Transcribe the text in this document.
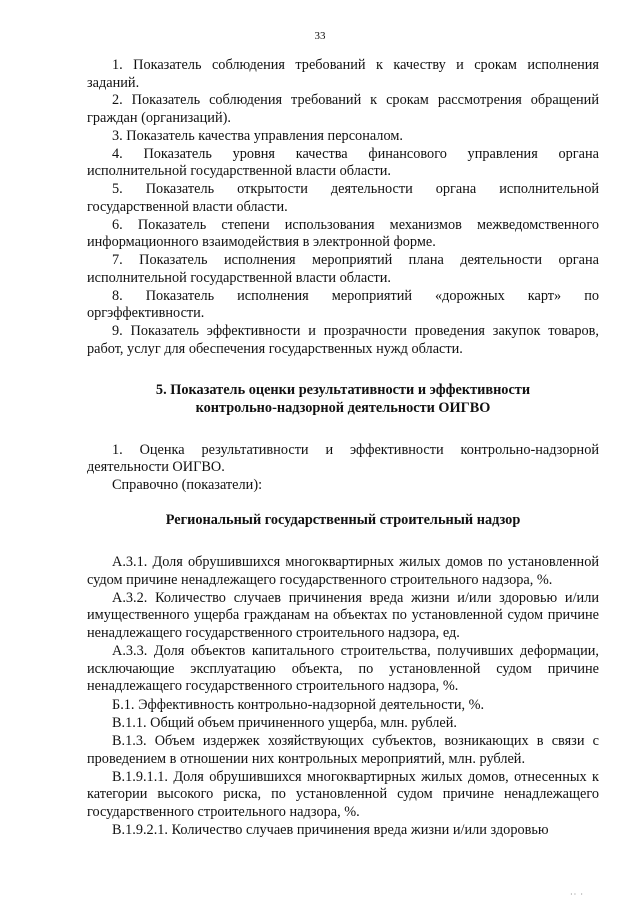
33

1. Показатель соблюдения требований к качеству и срокам исполнения заданий.

2. Показатель соблюдения требований к срокам рассмотрения обращений граждан (организаций).

3. Показатель качества управления персоналом.

4. Показатель уровня качества финансового управления органа исполнительной государственной власти области.

5. Показатель открытости деятельности органа исполнительной государственной власти области.

6. Показатель степени использования механизмов межведомственного информационного взаимодействия в электронной форме.

7. Показатель исполнения мероприятий плана деятельности органа исполнительной государственной власти области.

8. Показатель исполнения мероприятий «дорожных карт» по оргэффективности.

9. Показатель эффективности и прозрачности проведения закупок товаров, работ, услуг для обеспечения государственных нужд области.

5. Показатель оценки результативности и эффективности
контрольно-надзорной деятельности ОИГВО

1. Оценка результативности и эффективности контрольно-надзорной деятельности ОИГВО.

Справочно (показатели):

Региональный государственный строительный надзор

А.3.1. Доля обрушившихся многоквартирных жилых домов по установленной судом причине ненадлежащего государственного строительного надзора, %.

А.3.2. Количество случаев причинения вреда жизни и/или здоровью и/или имущественного ущерба гражданам на объектах по установленной судом причине ненадлежащего государственного строительного надзора, ед.

А.3.3. Доля объектов капитального строительства, получивших деформации, исключающие эксплуатацию объекта, по установленной судом причине ненадлежащего государственного строительного надзора, %.

Б.1. Эффективность контрольно-надзорной деятельности, %.

В.1.1. Общий объем причиненного ущерба, млн. рублей.

В.1.3. Объем издержек хозяйствующих субъектов, возникающих в связи с проведением в отношении них контрольных мероприятий, млн. рублей.

В.1.9.1.1. Доля обрушившихся многоквартирных жилых домов, отнесенных к категории высокого риска, по установленной судом причине ненадлежащего государственного строительного надзора, %.

В.1.9.2.1. Количество случаев причинения вреда жизни и/или здоровью

·· ·
